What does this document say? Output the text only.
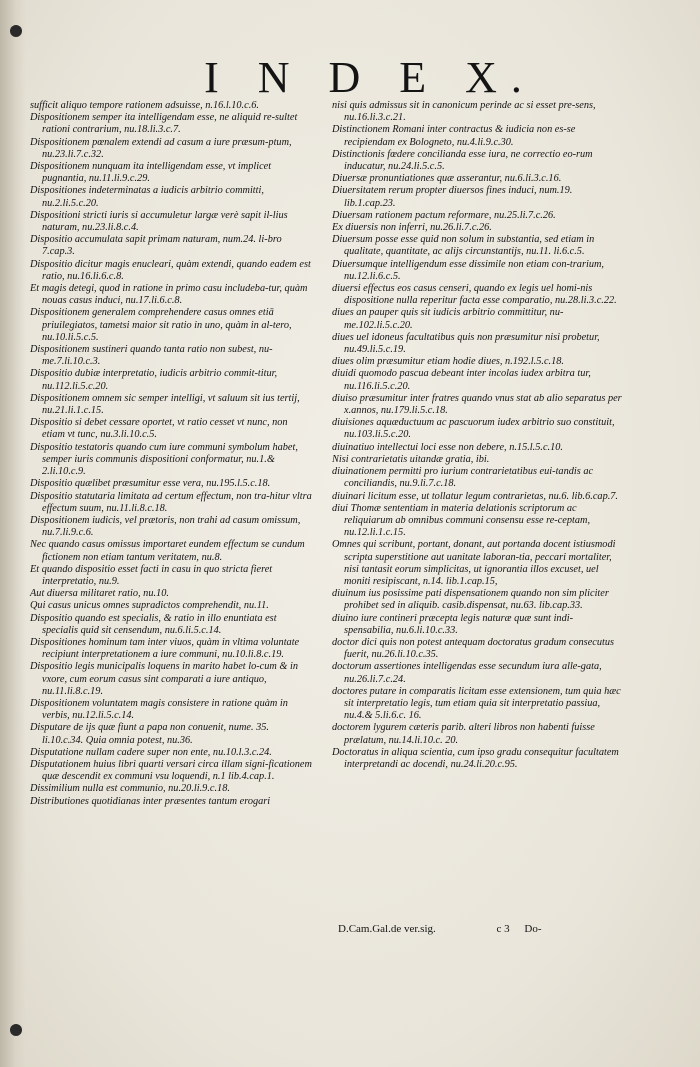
I N D E X.

sufficit aliquo tempore rationem adsuisse, n.16.l.10.c.6.

Dispositionem semper ita intelligendam esse, ne aliquid re-sultet rationi contrarium, nu.18.li.3.c.7.

Dispositionem pœnalem extendi ad casum a iure præsum-ptum, nu.23.li.7.c.32.

Dispositionem nunquam ita intelligendam esse, vt implicet pugnantia, nu.11.li.9.c.29.

Dispositiones indeterminatas a iudicis arbitrio committi, nu.2.li.5.c.20.

Dispositioni stricti iuris si accumuletur largæ verè sapit il-lius naturam, nu.23.li.8.c.4.

Dispositio accumulata sapit primam naturam, num.24. li-bro 7.cap.3.

Dispositio dicitur magis enucleari, quàm extendi, quando eadem est ratio, nu.16.li.6.c.8.

Et magis detegi, quod in ratione in primo casu includeba-tur, quàm nouas casus induci, nu.17.li.6.c.8.

Dispositionem generalem comprehendere casus omnes etiā priuilegiatos, tametsi maior sit ratio in uno, quàm in al-tero, nu.10.li.5.c.5.

Dispositionem sustineri quando tanta ratio non subest, nu-me.7.li.10.c.3.

Dispositio dubiæ interpretatio, iudicis arbitrio commit-titur, nu.112.li.5.c.20.

Dispositionem omnem sic semper intelligi, vt saluum sit ius tertij, nu.21.li.1.c.15.

Dispositio si debet cessare oportet, vt ratio cesset vt nunc, non etiam vt tunc, nu.3.li.10.c.5.

Dispositio testatoris quando cum iure communi symbolum habet, semper iuris communis dispositioni conformatur, nu.1.& 2.li.10.c.9.

Dispositio quælibet præsumitur esse vera, nu.195.l.5.c.18.

Dispositio statutaria limitata ad certum effectum, non tra-hitur vltra effectum suum, nu.11.li.8.c.18.

Dispositionem iudicis, vel prætoris, non trahi ad casum omissum, nu.7.li.9.c.6.

Nec quando casus omissus importaret eundem effectum se cundum fictionem non etiam tantum veritatem, nu.8.

Et quando dispositio esset facti in casu in quo stricta fieret interpretatio, nu.9.

Aut diuersa militaret ratio, nu.10.

Qui casus unicus omnes supradictos comprehendit, nu.11.

Dispositio quando est specialis, & ratio in illo enuntiata est specialis quid sit censendum, nu.6.li.5.c.14.

Dispositiones hominum tam inter viuos, quàm in vltima voluntate recipiunt interpretationem a iure communi, nu.10.li.8.c.19.

Dispositio legis municipalis loquens in marito habet lo-cum & in vxore, cum eorum casus sint comparati a iure antiquo, nu.11.li.8.c.19.

Dispositionem voluntatem magis consistere in ratione quàm in verbis, nu.12.li.5.c.14.

Disputare de ijs quæ fiunt a papa non conuenit, nume. 35. li.10.c.34. Quia omnia potest, nu.36.

Disputatione nullam cadere super non ente, nu.10.l.3.c.24.

Disputationem huius libri quarti versari circa illam signi-ficationem quæ descendit ex communi vsu loquendi, n.1 lib.4.cap.1.

Dissimilium nulla est communio, nu.20.li.9.c.18.

Distributiones quotidianas inter præsentes tantum erogari

nisi quis admissus sit in canonicum perinde ac si esset pre-sens, nu.16.li.3.c.21.

Distinctionem Romani inter contractus & iudicia non es-se recipiendam ex Bologneto, nu.4.li.9.c.30.

Distinctionis fœdere concilianda esse iura, ne correctio eo-rum inducatur, nu.24.li.5.c.5.

Diuersæ pronuntiationes quæ asserantur, nu.6.li.3.c.16.

Diuersitatem rerum propter diuersos fines induci, num.19. lib.1.cap.23.

Diuersam rationem pactum reformare, nu.25.li.7.c.26.

Ex diuersis non inferri, nu.26.li.7.c.26.

Diuersum posse esse quid non solum in substantia, sed etiam in qualitate, quantitate, ac alijs circunstantijs, nu.11. li.6.c.5.

Diuersumque intelligendum esse dissimile non etiam con-trarium, nu.12.li.6.c.5.

diuersi effectus eos casus censeri, quando ex legis uel homi-nis dispositione nulla reperitur facta esse comparatio, nu.28.li.3.c.22.

diues an pauper quis sit iudicis arbitrio committitur, nu-me.102.li.5.c.20.

diues uel idoneus facultatibus quis non præsumitur nisi probetur, nu.49.li.5.c.19.

diues olim præsumitur etiam hodie diues, n.192.l.5.c.18.

diuidi quomodo pascua debeant inter incolas iudex arbitra tur, nu.116.li.5.c.20.

diuiso præsumitur inter fratres quando vnus stat ab alio separatus per x.annos, nu.179.li.5.c.18.

diuisiones aquæductuum ac pascuorum iudex arbitrio suo constituit, nu.103.li.5.c.20.

diuinatiuo intellectui loci esse non debere, n.15.l.5.c.10.

Nisi contrarietatis uitandæ gratia, ibi.

diuinationem permitti pro iurium contrarietatibus eui-tandis ac conciliandis, nu.9.li.7.c.18.

diuinari licitum esse, ut tollatur legum contrarietas, nu.6. lib.6.cap.7.

diui Thomæ sententiam in materia delationis scriptorum ac reliquiarum ab omnibus communi consensu esse re-ceptam, nu.12.li.1.c.15.

Omnes qui scribunt, portant, donant, aut portanda docent istiusmodi scripta superstitione aut uanitate laboran-tia, peccari mortaliter, nisi tantasit eorum simplicitas, ut ignorantia illos excuset, uel moniti resipiscant, n.14. lib.1.cap.15,

diuinum ius posissime pati dispensationem quando non sim pliciter prohibet sed in aliquib. casib.dispensat, nu.63. lib.cap.33.

diuino iure contineri præcepta legis naturæ quæ sunt indi-spensabilia, nu.6.li.10.c.33.

doctor dici quis non potest antequam doctoratus gradum consecutus fuerit, nu.26.li.10.c.35.

doctorum assertiones intelligendas esse secundum iura alle-gata, nu.26.li.7.c.24.

doctores putare in comparatis licitam esse extensionem, tum quia hæc sit interpretatio legis, tum etiam quia sit interpretatio passiua, nu.4.& 5.li.6.c. 16.

doctorem lygurem cæteris parib. alteri libros non habenti fuisse prælatum, nu.14.li.10.c. 20.

Doctoratus in aliqua scientia, cum ipso gradu consequitur facultatem interpretandi ac docendi, nu.24.li.20.c.95.

D.Cam.Gal.de ver.sig.	c 3 Do-
